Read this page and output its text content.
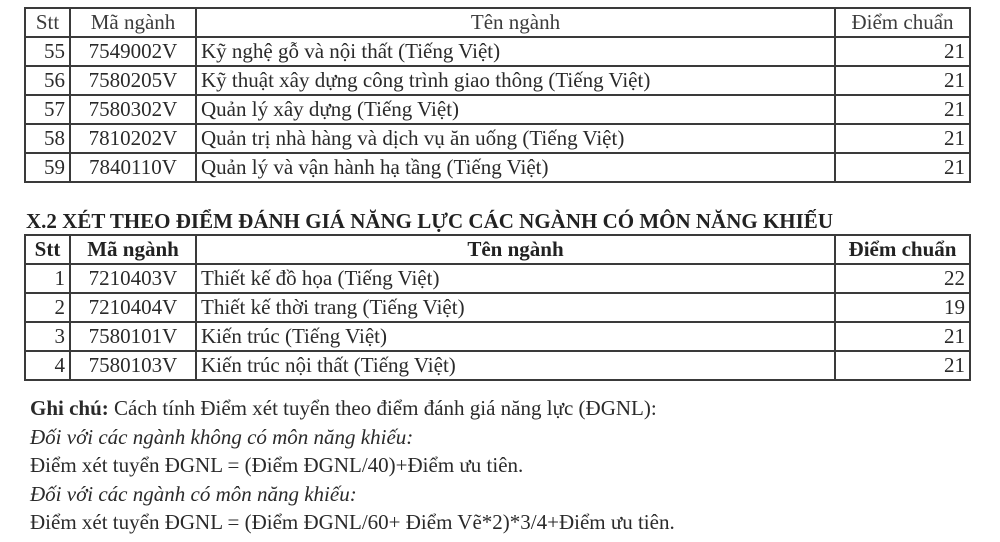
Stt	Mã ngành	Tên ngành	Điểm chuẩn
55	7549002V	Kỹ nghệ gỗ và nội thất (Tiếng Việt)	21
56	7580205V	Kỹ thuật xây dựng công trình giao thông (Tiếng Việt)	21
57	7580302V	Quản lý xây dựng (Tiếng Việt)	21
58	7810202V	Quản trị nhà hàng và dịch vụ ăn uống (Tiếng Việt)	21
59	7840110V	Quản lý và vận hành hạ tầng (Tiếng Việt)	21
X.2 XÉT THEO ĐIỂM ĐÁNH GIÁ NĂNG LỰC CÁC NGÀNH CÓ MÔN NĂNG KHIẾU
Stt	Mã ngành	Tên ngành	Điểm chuẩn
1	7210403V	Thiết kế đồ họa (Tiếng Việt)	22
2	7210404V	Thiết kế thời trang (Tiếng Việt)	19
3	7580101V	Kiến trúc (Tiếng Việt)	21
4	7580103V	Kiến trúc nội thất (Tiếng Việt)	21
Ghi chú: Cách tính Điểm xét tuyển theo điểm đánh giá năng lực (ĐGNL):
Đối với các ngành không có môn năng khiếu:
Điểm xét tuyển ĐGNL = (Điểm ĐGNL/40)+Điểm ưu tiên.
Đối với các ngành có môn năng khiếu:
Điểm xét tuyển ĐGNL = (Điểm ĐGNL/60+ Điểm Vẽ*2)*3/4+Điểm ưu tiên.
